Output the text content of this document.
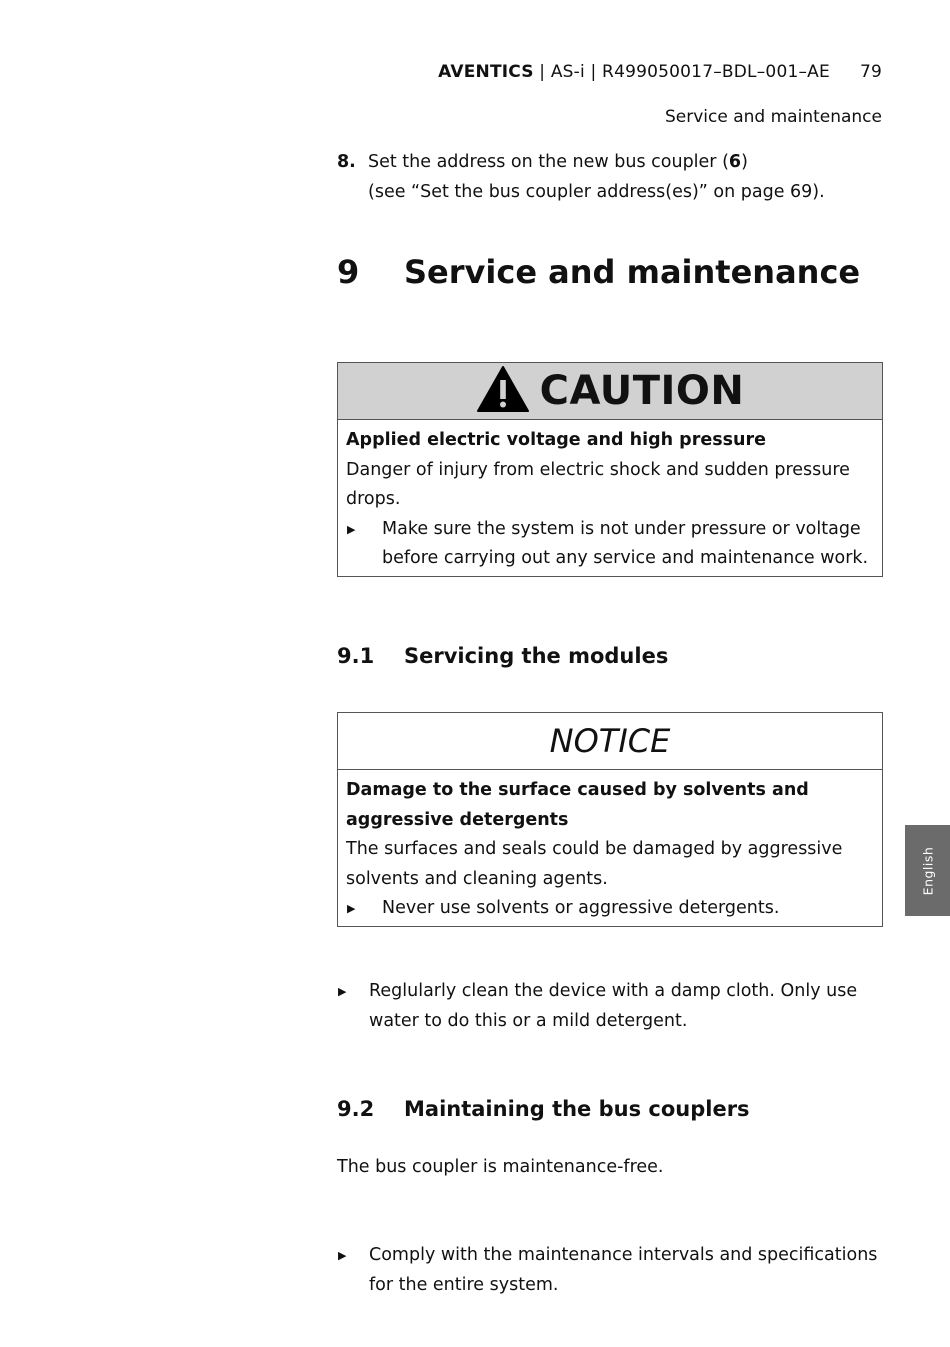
AVENTICS | AS-i | R499050017–BDL–001–AE 79
Service and maintenance
8. Set the address on the new bus coupler (6)
(see “Set the bus coupler address(es)” on page 69).
9 Service and maintenance
CAUTION
Applied electric voltage and high pressure
Danger of injury from electric shock and sudden pressure drops.
▶ Make sure the system is not under pressure or voltage before carrying out any service and maintenance work.
9.1 Servicing the modules
NOTICE
Damage to the surface caused by solvents and aggressive detergents
The surfaces and seals could be damaged by aggressive solvents and cleaning agents.
▶ Never use solvents or aggressive detergents.
▶ Reglularly clean the device with a damp cloth. Only use water to do this or a mild detergent.
9.2 Maintaining the bus couplers
The bus coupler is maintenance-free.
▶ Comply with the maintenance intervals and specifications for the entire system.
English
